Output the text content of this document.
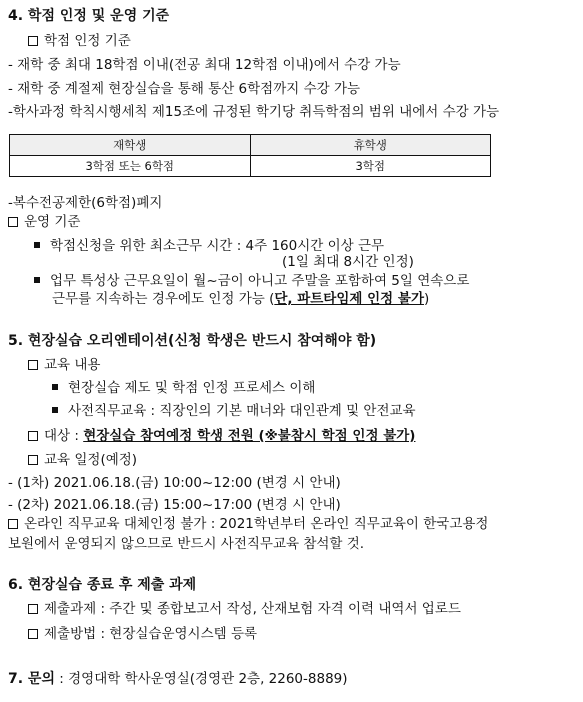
4. 학점 인정 및 운영 기준
학점 인정 기준
- 재학 중 최대 18학점 이내(전공 최대 12학점 이내)에서 수강 가능
- 재학 중 계절제 현장실습을 통해 통산 6학점까지 수강 가능
-학사과정 학칙시행세칙 제15조에 규정된 학기당 취득학점의 범위 내에서 수강 가능
재학생	휴학생
3학점 또는 6학점	3학점
-복수전공제한(6학점)폐지
운영 기준
학점신청을 위한 최소근무 시간 : 4주 160시간 이상 근무
(1일 최대 8시간 인정)
업무 특성상 근무요일이 월~금이 아니고 주말을 포함하여 5일 연속으로
근무를 지속하는 경우에도 인정 가능 (단, 파트타임제 인정 불가)
5. 현장실습 오리엔테이션(신청 학생은 반드시 참여해야 함)
교육 내용
현장실습 제도 및 학점 인정 프로세스 이해
사전직무교육 : 직장인의 기본 매너와 대인관계 및 안전교육
대상 : 현장실습 참여예정 학생 전원 (※불참시 학점 인정 불가)
교육 일정(예정)
- (1차) 2021.06.18.(금) 10:00~12:00 (변경 시 안내)
- (2차) 2021.06.18.(금) 15:00~17:00 (변경 시 안내)
온라인 직무교육 대체인정 불가 : 2021학년부터 온라인 직무교육이 한국고용정
보원에서 운영되지 않으므로 반드시 사전직무교육 참석할 것.
6. 현장실습 종료 후 제출 과제
제출과제 : 주간 및 종합보고서 작성, 산재보험 자격 이력 내역서 업로드
제출방법 : 현장실습운영시스템 등록
7. 문의 : 경영대학 학사운영실(경영관 2층, 2260-8889)
